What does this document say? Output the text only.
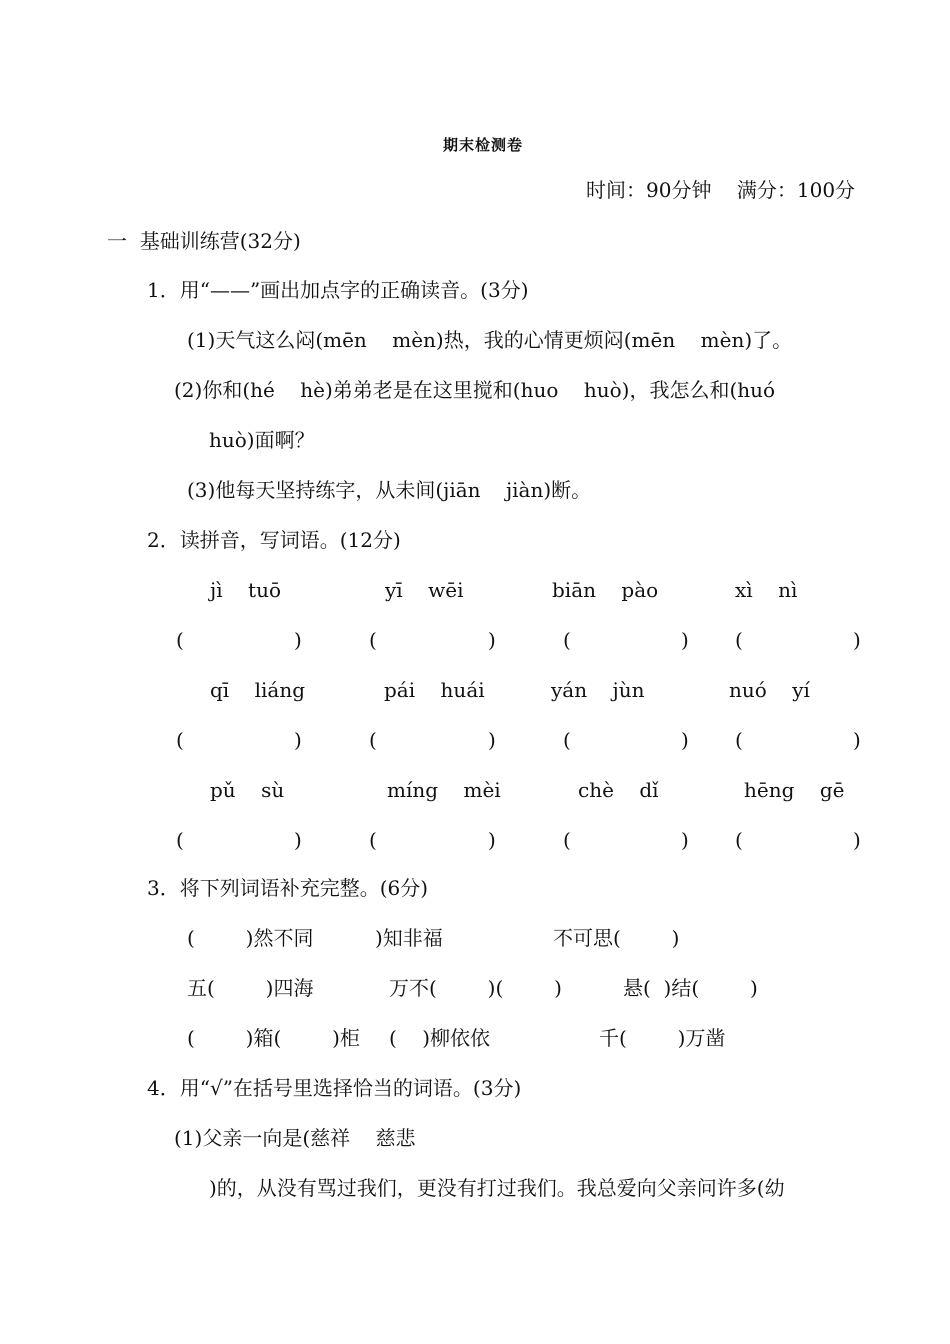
期末检测卷
时间：90分钟    满分：100分
一  基础训练营(32分)
1．用“——”画出加点字的正确读音。(3分)
(1)天气这么闷(mēn    mèn)热，我的心情更烦闷(mēn    mèn)了。
(2)你和(hé    hè)弟弟老是在这里搅和(huo    huò)，我怎么和(huó
huò)面啊？
(3)他每天坚持练字，从未间(jiān    jiàn)断。
2．读拼音，写词语。(12分)
jì    tuō	yī    wēi	biān    pào	xì    nì
(	)	(	)	(	) (	)
qī    liáng	pái    huái	yán    jùn	nuó    yí
(	)	(	)	(	) (	)
pǔ    sù	míng    mèi	chè    dǐ	hēng    gē
(	)	(	)	(	) (	)
3．将下列词语补充完整。(6分)
(        )然不同	)知非福	不可思(        )
五(        )四海	万不(        )(        )	悬(  )结(        )
(        )箱(        )柜 (    )柳依依	千(        )万凿
4．用“√”在括号里选择恰当的词语。(3分)
(1)父亲一向是(慈祥    慈悲
)的，从没有骂过我们，更没有打过我们。我总爱向父亲问许多(幼
